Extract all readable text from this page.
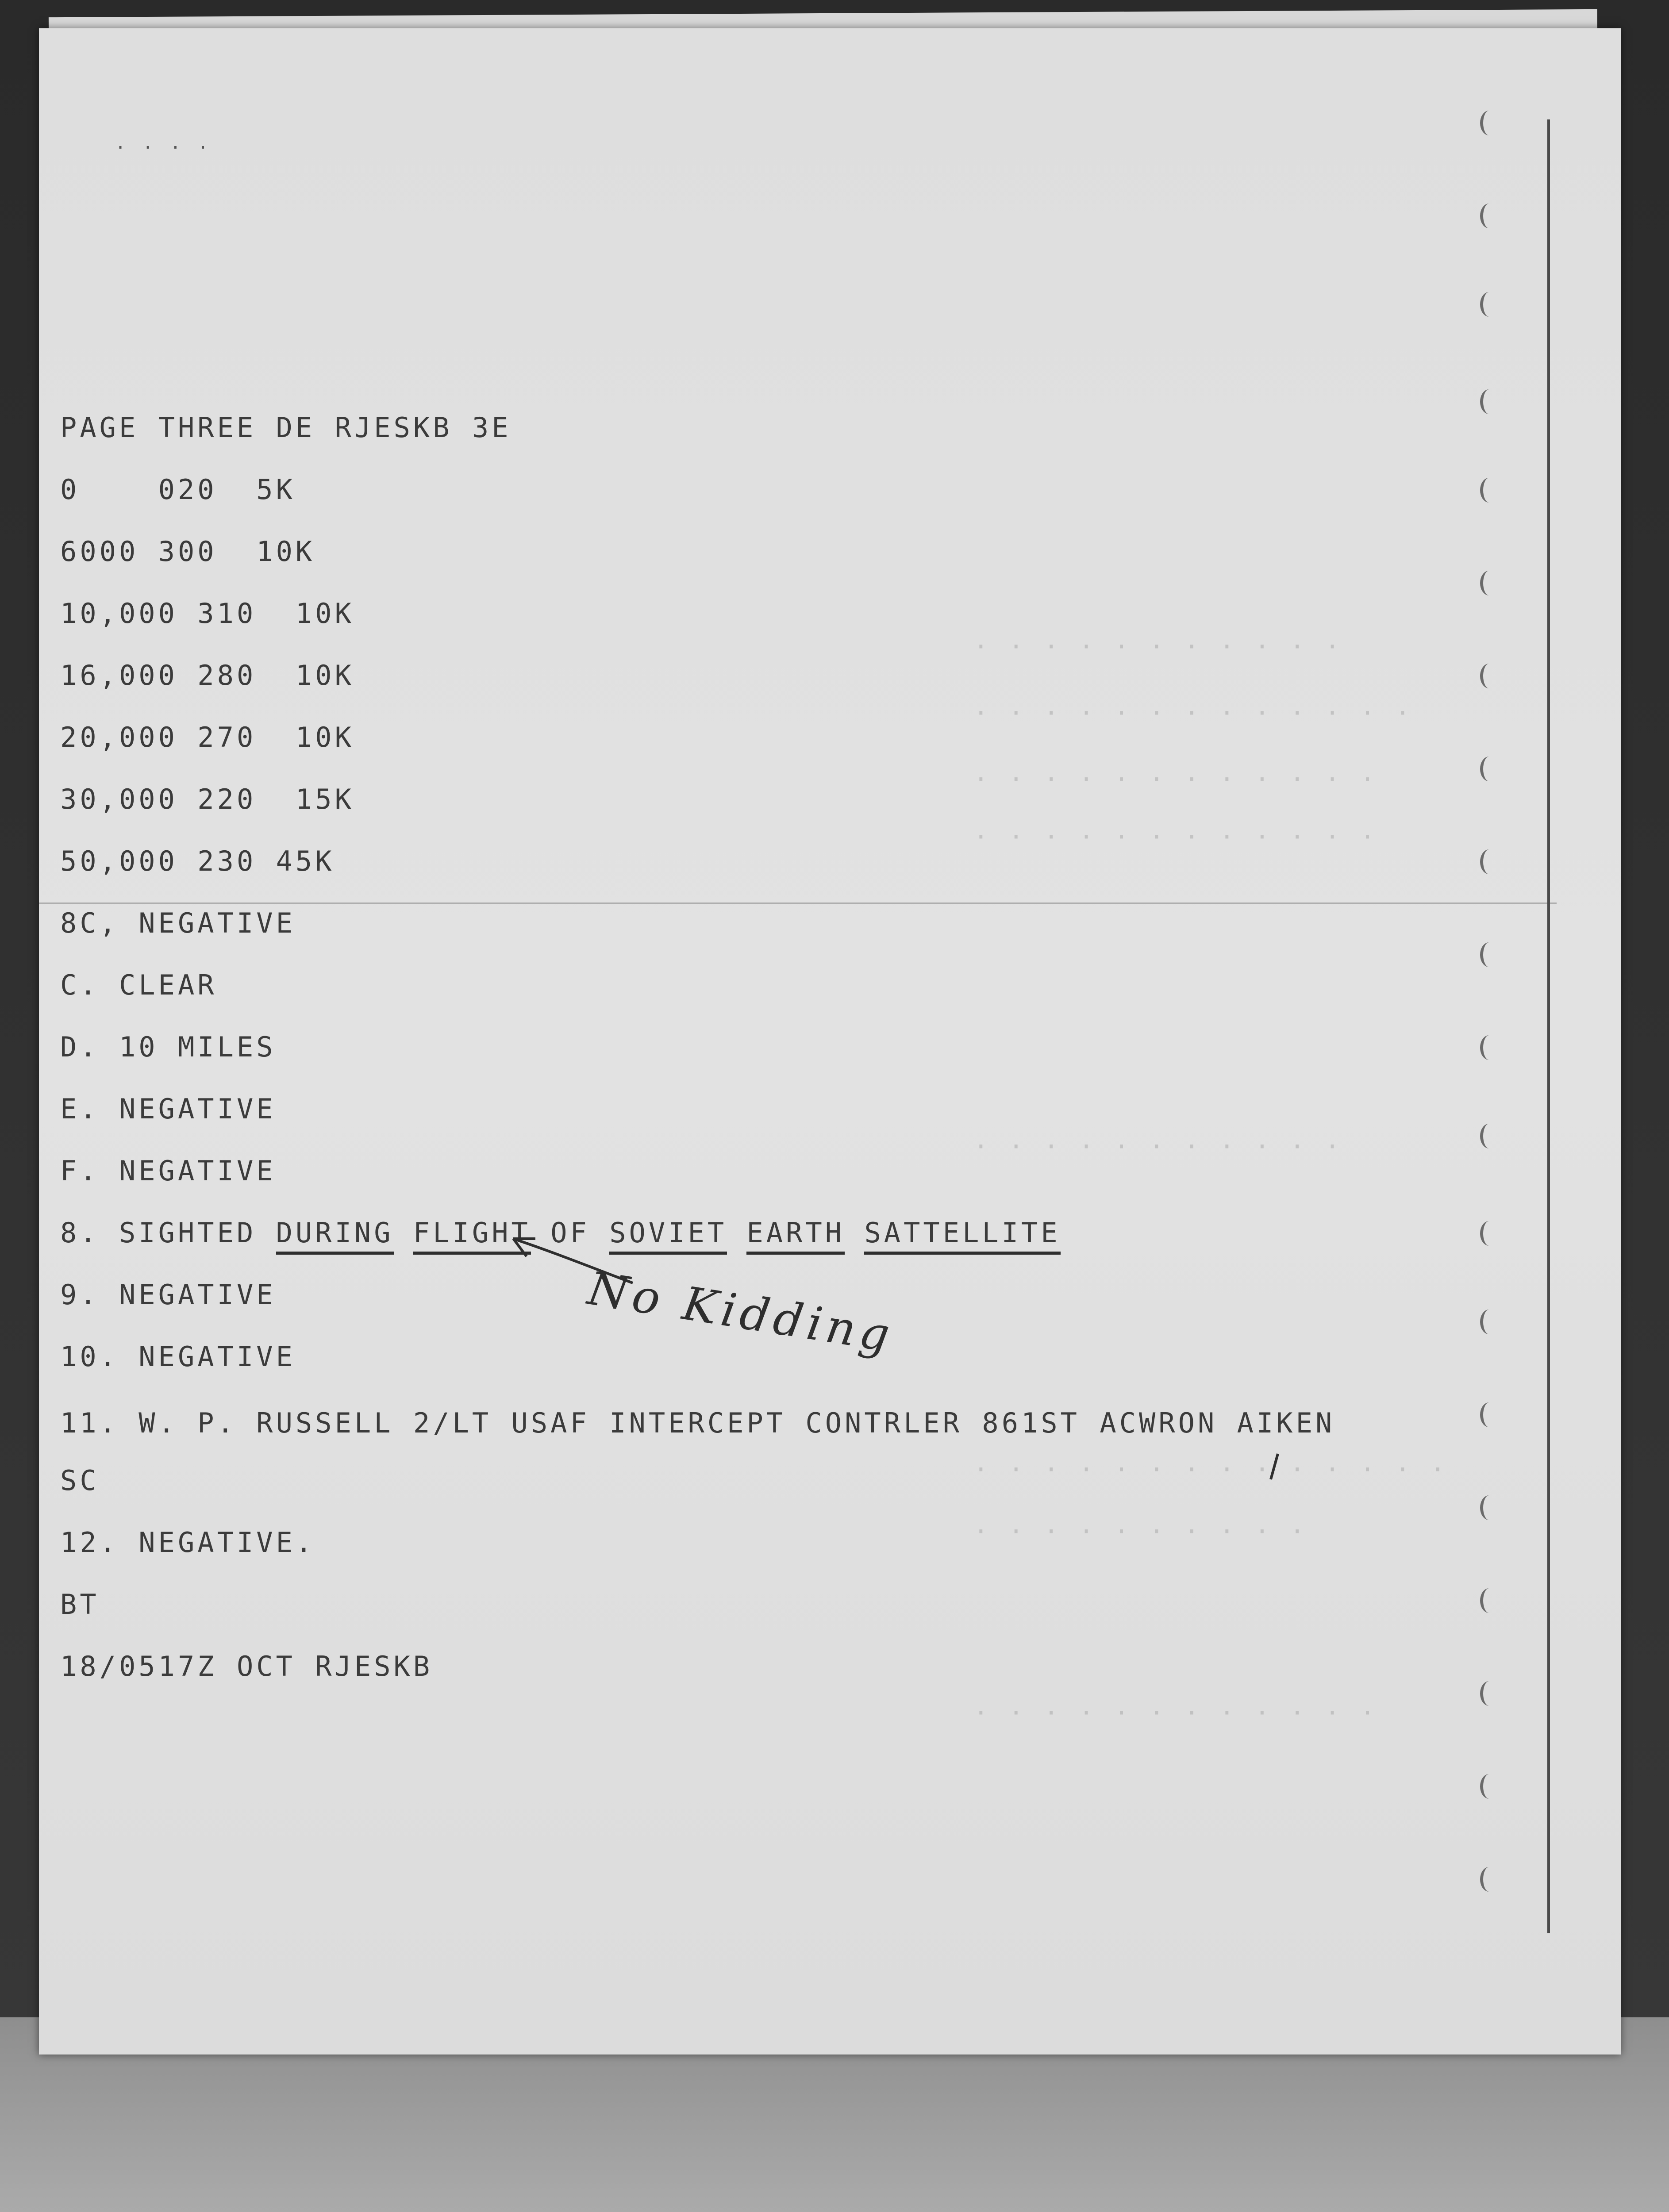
· · · · · · · · · · ·
· · · · · · · · · · · · ·
· · · · · · · · · · · ·
· · · · · · · · · · · ·
· · · · · · · · · · ·
· · · · · · · · · · · · · ·
· · · · · · · · · ·
· · · · · · · · · · · ·
. . . .
PAGE THREE DE RJESKB 3E
0    020  5K
6000 300  10K
10,000 310  10K
16,000 280  10K
20,000 270  10K
30,000 220  15K
50,000 230 45K
8C, NEGATIVE
C. CLEAR
D. 10 MILES
E. NEGATIVE
F. NEGATIVE
8. SIGHTED DURING FLIGHT OF SOVIET EARTH SATTELLITE
No Kidding
9. NEGATIVE
10. NEGATIVE
11. W. P. RUSSELL 2/LT USAF INTERCEPT CONTRLER 861ST ACWRON AIKEN
SC
12. NEGATIVE.
BT
18/0517Z OCT RJESKB
